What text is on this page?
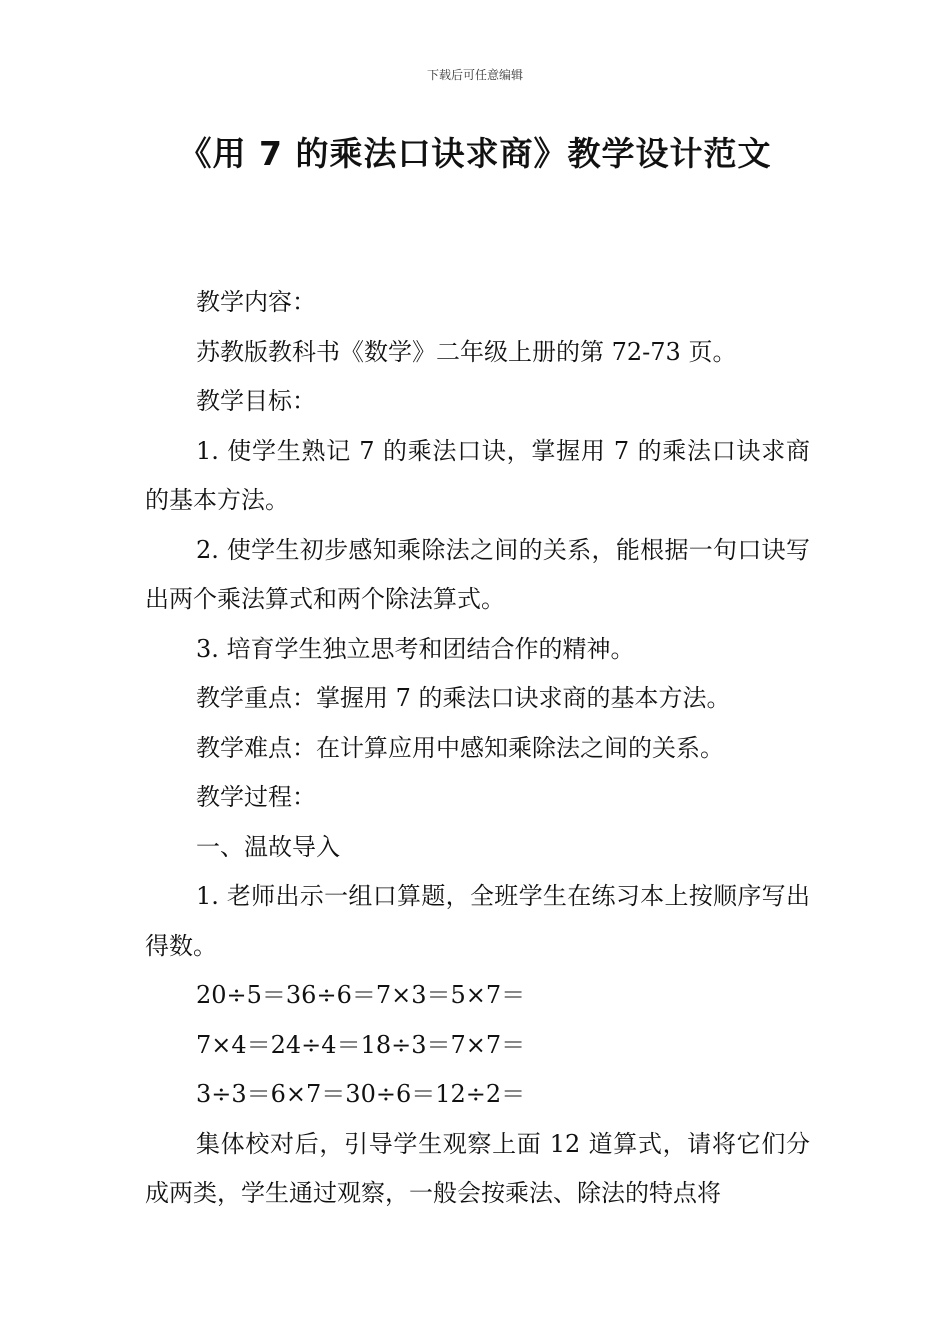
下载后可任意编辑
《用 7 的乘法口诀求商》教学设计范文

教学内容：

苏教版教科书《数学》二年级上册的第 72-73 页。

教学目标：

1. 使学生熟记 7 的乘法口诀，掌握用 7 的乘法口诀求商的基本方法。

2. 使学生初步感知乘除法之间的关系，能根据一句口诀写出两个乘法算式和两个除法算式。

3. 培育学生独立思考和团结合作的精神。

教学重点：掌握用 7 的乘法口诀求商的基本方法。

教学难点：在计算应用中感知乘除法之间的关系。

教学过程：

一、温故导入

1. 老师出示一组口算题，全班学生在练习本上按顺序写出得数。

20÷5＝36÷6＝7×3＝5×7＝

7×4＝24÷4＝18÷3＝7×7＝

3÷3＝6×7＝30÷6＝12÷2＝

集体校对后，引导学生观察上面 12 道算式，请将它们分成两类，学生通过观察，一般会按乘法、除法的特点将
